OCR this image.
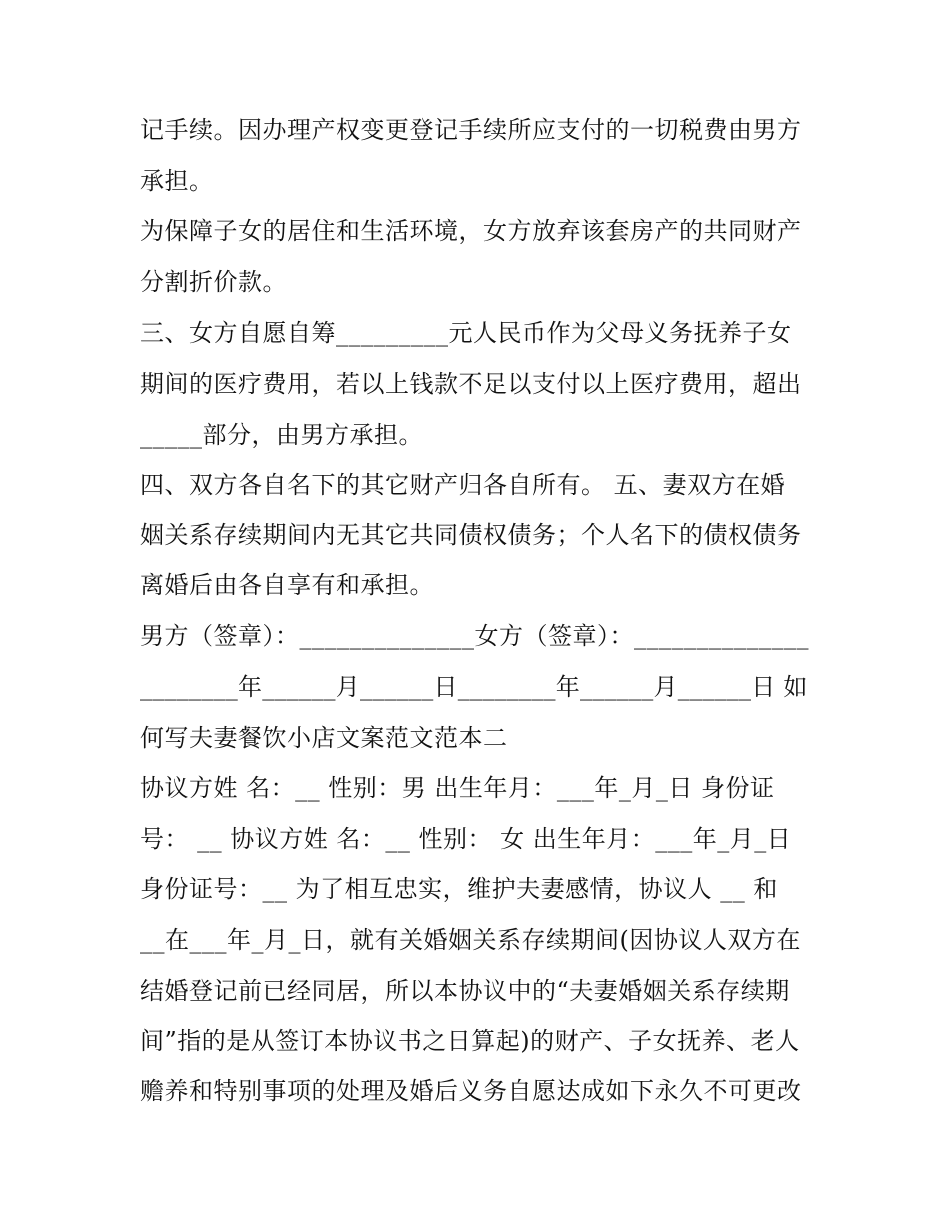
记手续。因办理产权变更登记手续所应支付的一切税费由男方

承担。

为保障子女的居住和生活环境，女方放弃该套房产的共同财产

分割折价款。

三、女方自愿自筹_________元人民币作为父母义务抚养子女

期间的医疗费用，若以上钱款不足以支付以上医疗费用，超出

_____部分，由男方承担。

四、双方各自名下的其它财产归各自所有。 五、妻双方在婚

姻关系存续期间内无其它共同债权债务；个人名下的债权债务

离婚后由各自享有和承担。

男方（签章）：______________女方（签章）：______________

________年______月______日________年______月______日 如

何写夫妻餐饮小店文案范文范本二

协议方姓 名：__ 性别：男 出生年月：___年_月_日 身份证

号： __ 协议方姓 名：__ 性别： 女 出生年月：___年_月_日

身份证号：__ 为了相互忠实，维护夫妻感情，协议人 __ 和

__在___年_月_日，就有关婚姻关系存续期间(因协议人双方在

结婚登记前已经同居，所以本协议中的“夫妻婚姻关系存续期

间”指的是从签订本协议书之日算起)的财产、子女抚养、老人

赡养和特别事项的处理及婚后义务自愿达成如下永久不可更改
